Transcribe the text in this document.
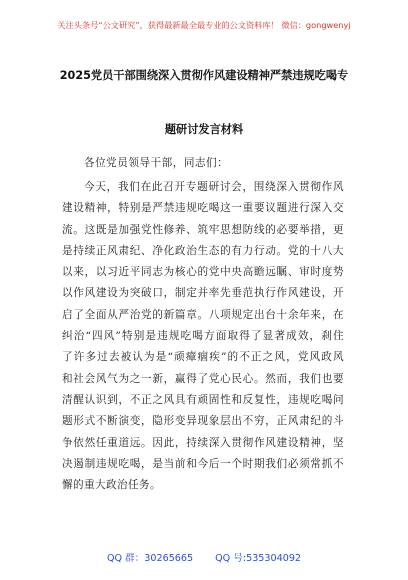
关注头条号“公文研究”，获得最新最全最专业的公文资料库！ 微信：gongwenyj
2025党员干部围绕深入贯彻作风建设精神严禁违规吃喝专
题研讨发言材料

各位党员领导干部，同志们：

今天，我们在此召开专题研讨会，围绕深入贯彻作风
建设精神，特别是严禁违规吃喝这一重要议题进行深入交
流。这既是加强党性修养、筑牢思想防线的必要举措，更
是持续正风肃纪、净化政治生态的有力行动。党的十八大
以来，以习近平同志为核心的党中央高瞻远瞩、审时度势
以作风建设为突破口，制定并率先垂范执行作风建设，开
启了全面从严治党的新篇章。八项规定出台十余年来，在
纠治“四风”特别是违规吃喝方面取得了显著成效，刹住
了许多过去被认为是“顽瘴痼疾”的不正之风，党风政风
和社会风气为之一新，赢得了党心民心。然而，我们也要
清醒认识到，不正之风具有顽固性和反复性，违规吃喝问
题形式不断演变，隐形变异现象层出不穷，正风肃纪的斗
争依然任重道远。因此，持续深入贯彻作风建设精神，坚
决遏制违规吃喝，是当前和今后一个时期我们必须常抓不
懈的重大政治任务。
QQ 群：30265665 QQ 号:535304092
